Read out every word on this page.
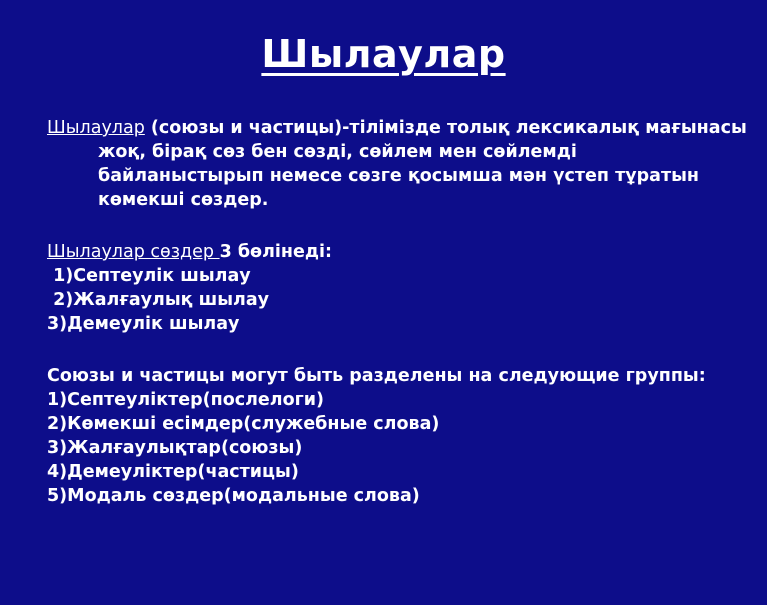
Шылаулар

Шылаулар (союзы и частицы)-тілімізде толық лексикалық мағынасы жоқ, бірақ сөз бен сөзді, сөйлем мен сөйлемді байланыстырып немесе сөзге қосымша мән үстеп тұратын көмекші сөздер.

Шылаулар сөздер 3 бөлінеді:

1)Септеулік шылау

2)Жалғаулық шылау

3)Демеулік шылау

Союзы и частицы могут быть разделены на следующие группы:

1)Септеуліктер(послелоги)

2)Көмекші есімдер(служебные слова)

3)Жалғаулықтар(союзы)

4)Демеуліктер(частицы)

5)Модаль сөздер(модальные слова)
